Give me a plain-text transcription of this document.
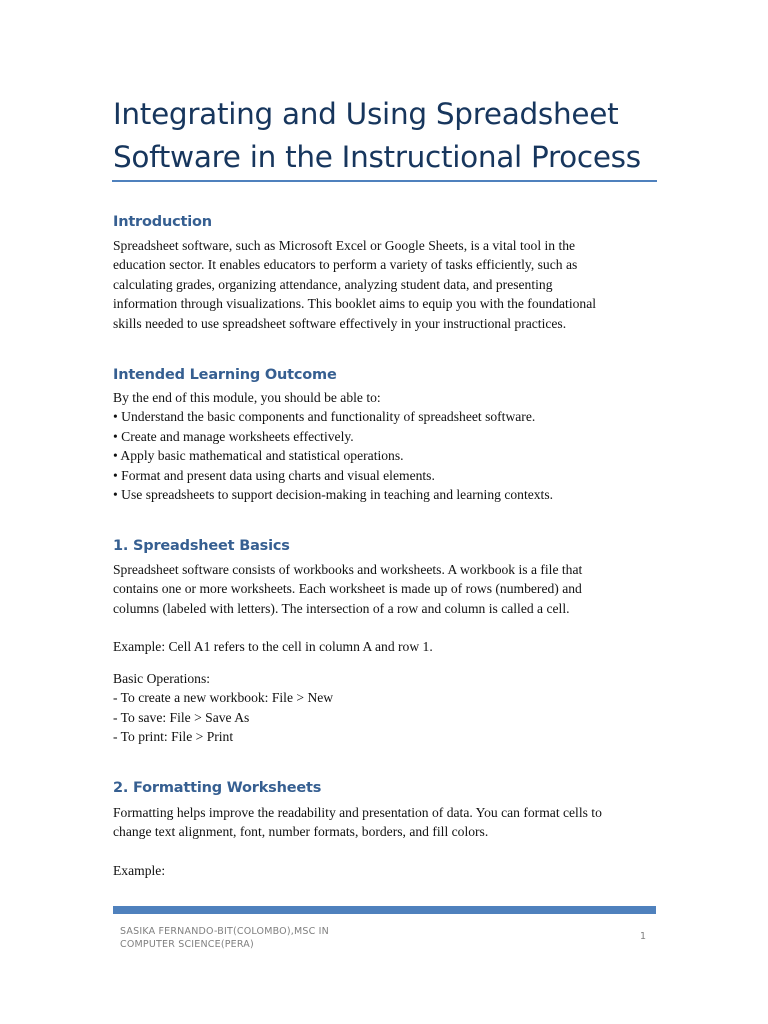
Integrating and Using Spreadsheet
Software in the Instructional Process
Introduction
Spreadsheet software, such as Microsoft Excel or Google Sheets, is a vital tool in the
education sector. It enables educators to perform a variety of tasks efficiently, such as
calculating grades, organizing attendance, analyzing student data, and presenting
information through visualizations. This booklet aims to equip you with the foundational
skills needed to use spreadsheet software effectively in your instructional practices.
Intended Learning Outcome
By the end of this module, you should be able to:
• Understand the basic components and functionality of spreadsheet software.
• Create and manage worksheets effectively.
• Apply basic mathematical and statistical operations.
• Format and present data using charts and visual elements.
• Use spreadsheets to support decision-making in teaching and learning contexts.
1. Spreadsheet Basics
Spreadsheet software consists of workbooks and worksheets. A workbook is a file that
contains one or more worksheets. Each worksheet is made up of rows (numbered) and
columns (labeled with letters). The intersection of a row and column is called a cell.
Example: Cell A1 refers to the cell in column A and row 1.
Basic Operations:
- To create a new workbook: File > New
- To save: File > Save As
- To print: File > Print
2. Formatting Worksheets
Formatting helps improve the readability and presentation of data. You can format cells to
change text alignment, font, number formats, borders, and fill colors.
Example:
SASIKA FERNANDO-BIT(COLOMBO),MSC IN
COMPUTER SCIENCE(PERA)
1
